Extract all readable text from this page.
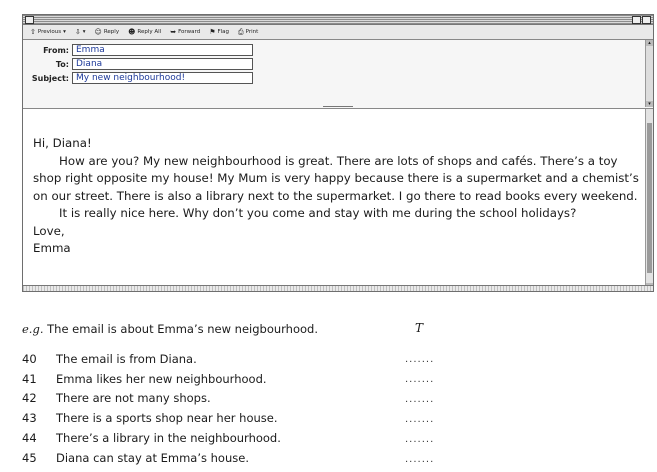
⇧ Previous ▾ ⇩ ▾ ☺ Reply ☻ Reply All ➥ Forward ⚑ Flag ⎙ Print
From: Emma
To: Diana
Subject: My new neighbourhood!
▴
▾

Hi, Diana!

How are you? My new neighbourhood is great. There are lots of shops and cafés. There’s a toy shop right opposite my house! My Mum is very happy because there is a supermarket and a chemist’s on our street. There is also a library next to the supermarket. I go there to read books every weekend.

It is really nice here. Why don’t you come and stay with me during the school holidays?

Love,

Emma

e.g. The email is about Emma’s new neigbourhood.	T
40	The email is from Diana.	.......
41	Emma likes her new neighbourhood.	.......
42	There are not many shops.	.......
43	There is a sports shop near her house.	.......
44	There’s a library in the neighbourhood.	.......
45	Diana can stay at Emma’s house.	.......
